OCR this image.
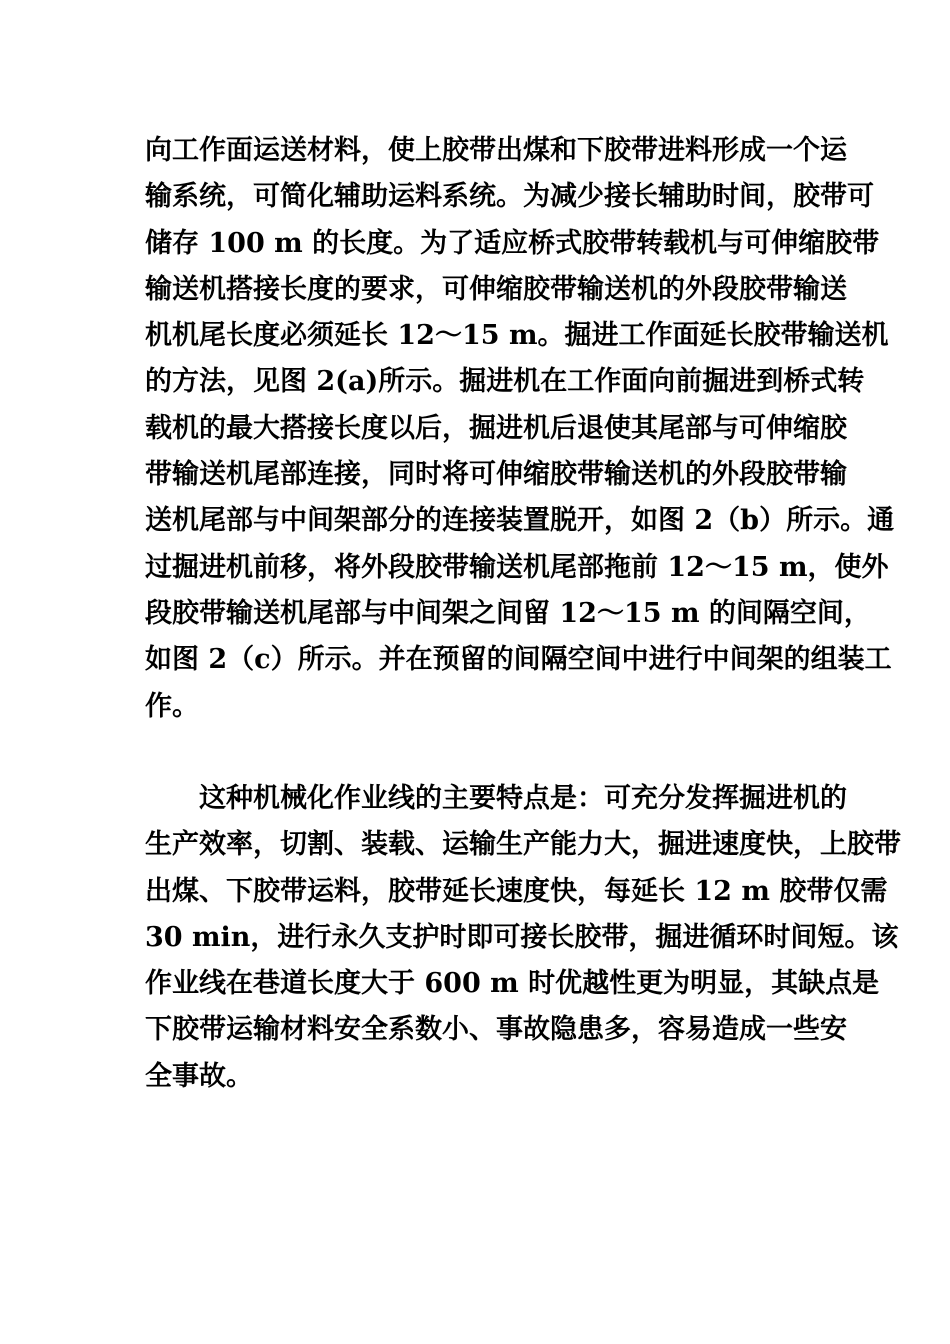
向工作面运送材料，使上胶带出煤和下胶带进料形成一个运
输系统，可简化辅助运料系统。为减少接长辅助时间，胶带可
储存 100 m 的长度。为了适应桥式胶带转载机与可伸缩胶带
输送机搭接长度的要求，可伸缩胶带输送机的外段胶带输送
机机尾长度必须延长 12～15 m。掘进工作面延长胶带输送机
的方法，见图 2(a)所示。掘进机在工作面向前掘进到桥式转
载机的最大搭接长度以后，掘进机后退使其尾部与可伸缩胶
带输送机尾部连接，同时将可伸缩胶带输送机的外段胶带输
送机尾部与中间架部分的连接装置脱开，如图 2（b）所示。通
过掘进机前移，将外段胶带输送机尾部拖前 12～15 m，使外
段胶带输送机尾部与中间架之间留 12～15 m 的间隔空间，
如图 2（c）所示。并在预留的间隔空间中进行中间架的组装工
作。
这种机械化作业线的主要特点是：可充分发挥掘进机的
生产效率，切割、装载、运输生产能力大，掘进速度快，上胶带
出煤、下胶带运料，胶带延长速度快，每延长 12 m 胶带仅需
30 min，进行永久支护时即可接长胶带，掘进循环时间短。该
作业线在巷道长度大于 600 m 时优越性更为明显，其缺点是
下胶带运输材料安全系数小、事故隐患多，容易造成一些安
全事故。
